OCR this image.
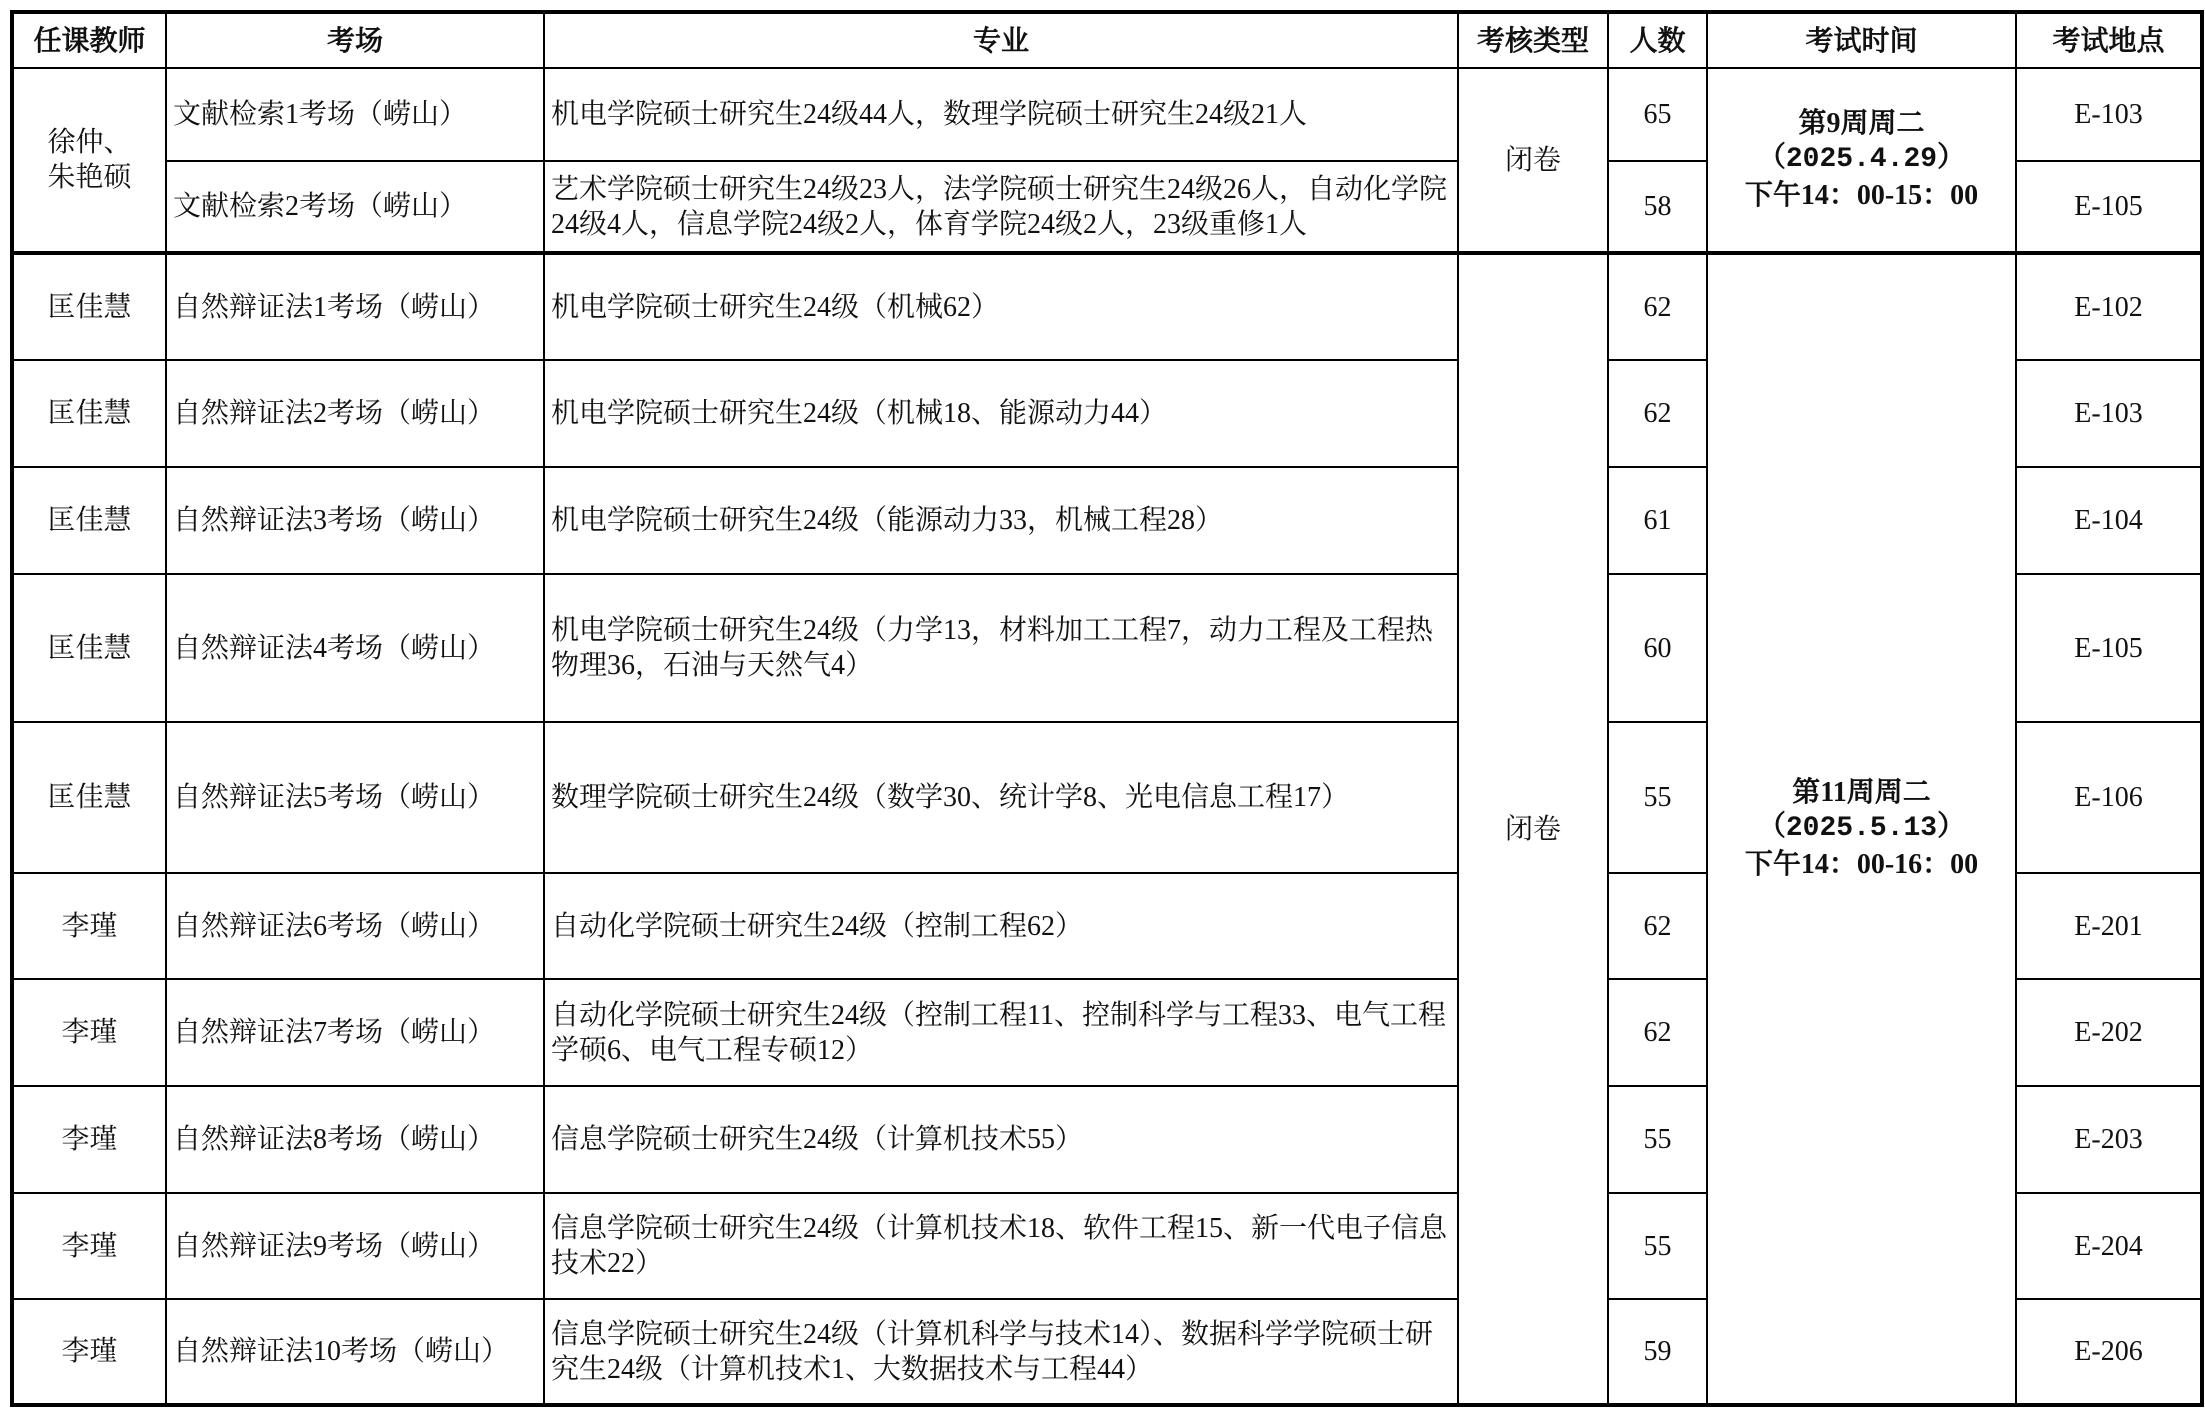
任课教师	考场	专业	考核类型	人数	考试时间	考试地点
徐仲、
朱艳硕	文献检索1考场（崂山）	机电学院硕士研究生24级44人，数理学院硕士研究生24级21人	闭卷	65	第9周周二
（2025.4.29）
下午14：00-15：00	E-103
	文献检索2考场（崂山）	艺术学院硕士研究生24级23人，法学院硕士研究生24级26人，自动化学院24级4人，信息学院24级2人，体育学院24级2人，23级重修1人		58		E-105
匡佳慧	自然辩证法1考场（崂山）	机电学院硕士研究生24级（机械62）	闭卷	62	第11周周二
（2025.5.13）
下午14：00-16：00	E-102
匡佳慧	自然辩证法2考场（崂山）	机电学院硕士研究生24级（机械18、能源动力44）		62		E-103
匡佳慧	自然辩证法3考场（崂山）	机电学院硕士研究生24级（能源动力33，机械工程28）		61		E-104
匡佳慧	自然辩证法4考场（崂山）	机电学院硕士研究生24级（力学13，材料加工工程7，动力工程及工程热物理36，石油与天然气4）		60		E-105
匡佳慧	自然辩证法5考场（崂山）	数理学院硕士研究生24级（数学30、统计学8、光电信息工程17）		55		E-106
李瑾	自然辩证法6考场（崂山）	自动化学院硕士研究生24级（控制工程62）		62		E-201
李瑾	自然辩证法7考场（崂山）	自动化学院硕士研究生24级（控制工程11、控制科学与工程33、电气工程学硕6、电气工程专硕12）		62		E-202
李瑾	自然辩证法8考场（崂山）	信息学院硕士研究生24级（计算机技术55）		55		E-203
李瑾	自然辩证法9考场（崂山）	信息学院硕士研究生24级（计算机技术18、软件工程15、新一代电子信息技术22）		55		E-204
李瑾	自然辩证法10考场（崂山）	信息学院硕士研究生24级（计算机科学与技术14）、数据科学学院硕士研究生24级（计算机技术1、大数据技术与工程44）		59		E-206
